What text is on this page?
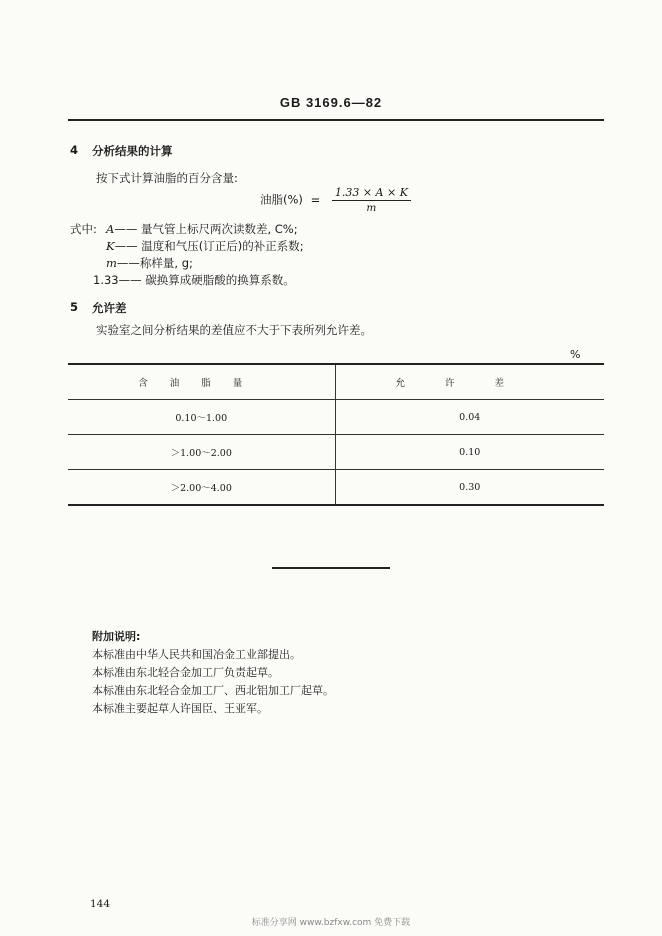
GB 3169.6—82
4 分析结果的计算
按下式计算油脂的百分含量:
油脂(%) = $\frac{1.33 \times A \times K}{m}$
式中: A—— 量气管上标尺两次读数差, C%;
K—— 温度和气压(订正后)的补正系数;
m——称样量, g;
1.33—— 碳换算成硬脂酸的换算系数。
5 允许差
实验室之间分析结果的差值应不大于下表所列允许差。
%
含油脂量	允许差
0.10～1.00	0.04
＞1.00～2.00	0.10
＞2.00～4.00	0.30
附加说明:
本标准由中华人民共和国冶金工业部提出。
本标准由东北轻合金加工厂负责起草。
本标准由东北轻合金加工厂、西北铝加工厂起草。
本标准主要起草人许国臣、王亚军。
144
标准分享网 www.bzfxw.com 免费下载
